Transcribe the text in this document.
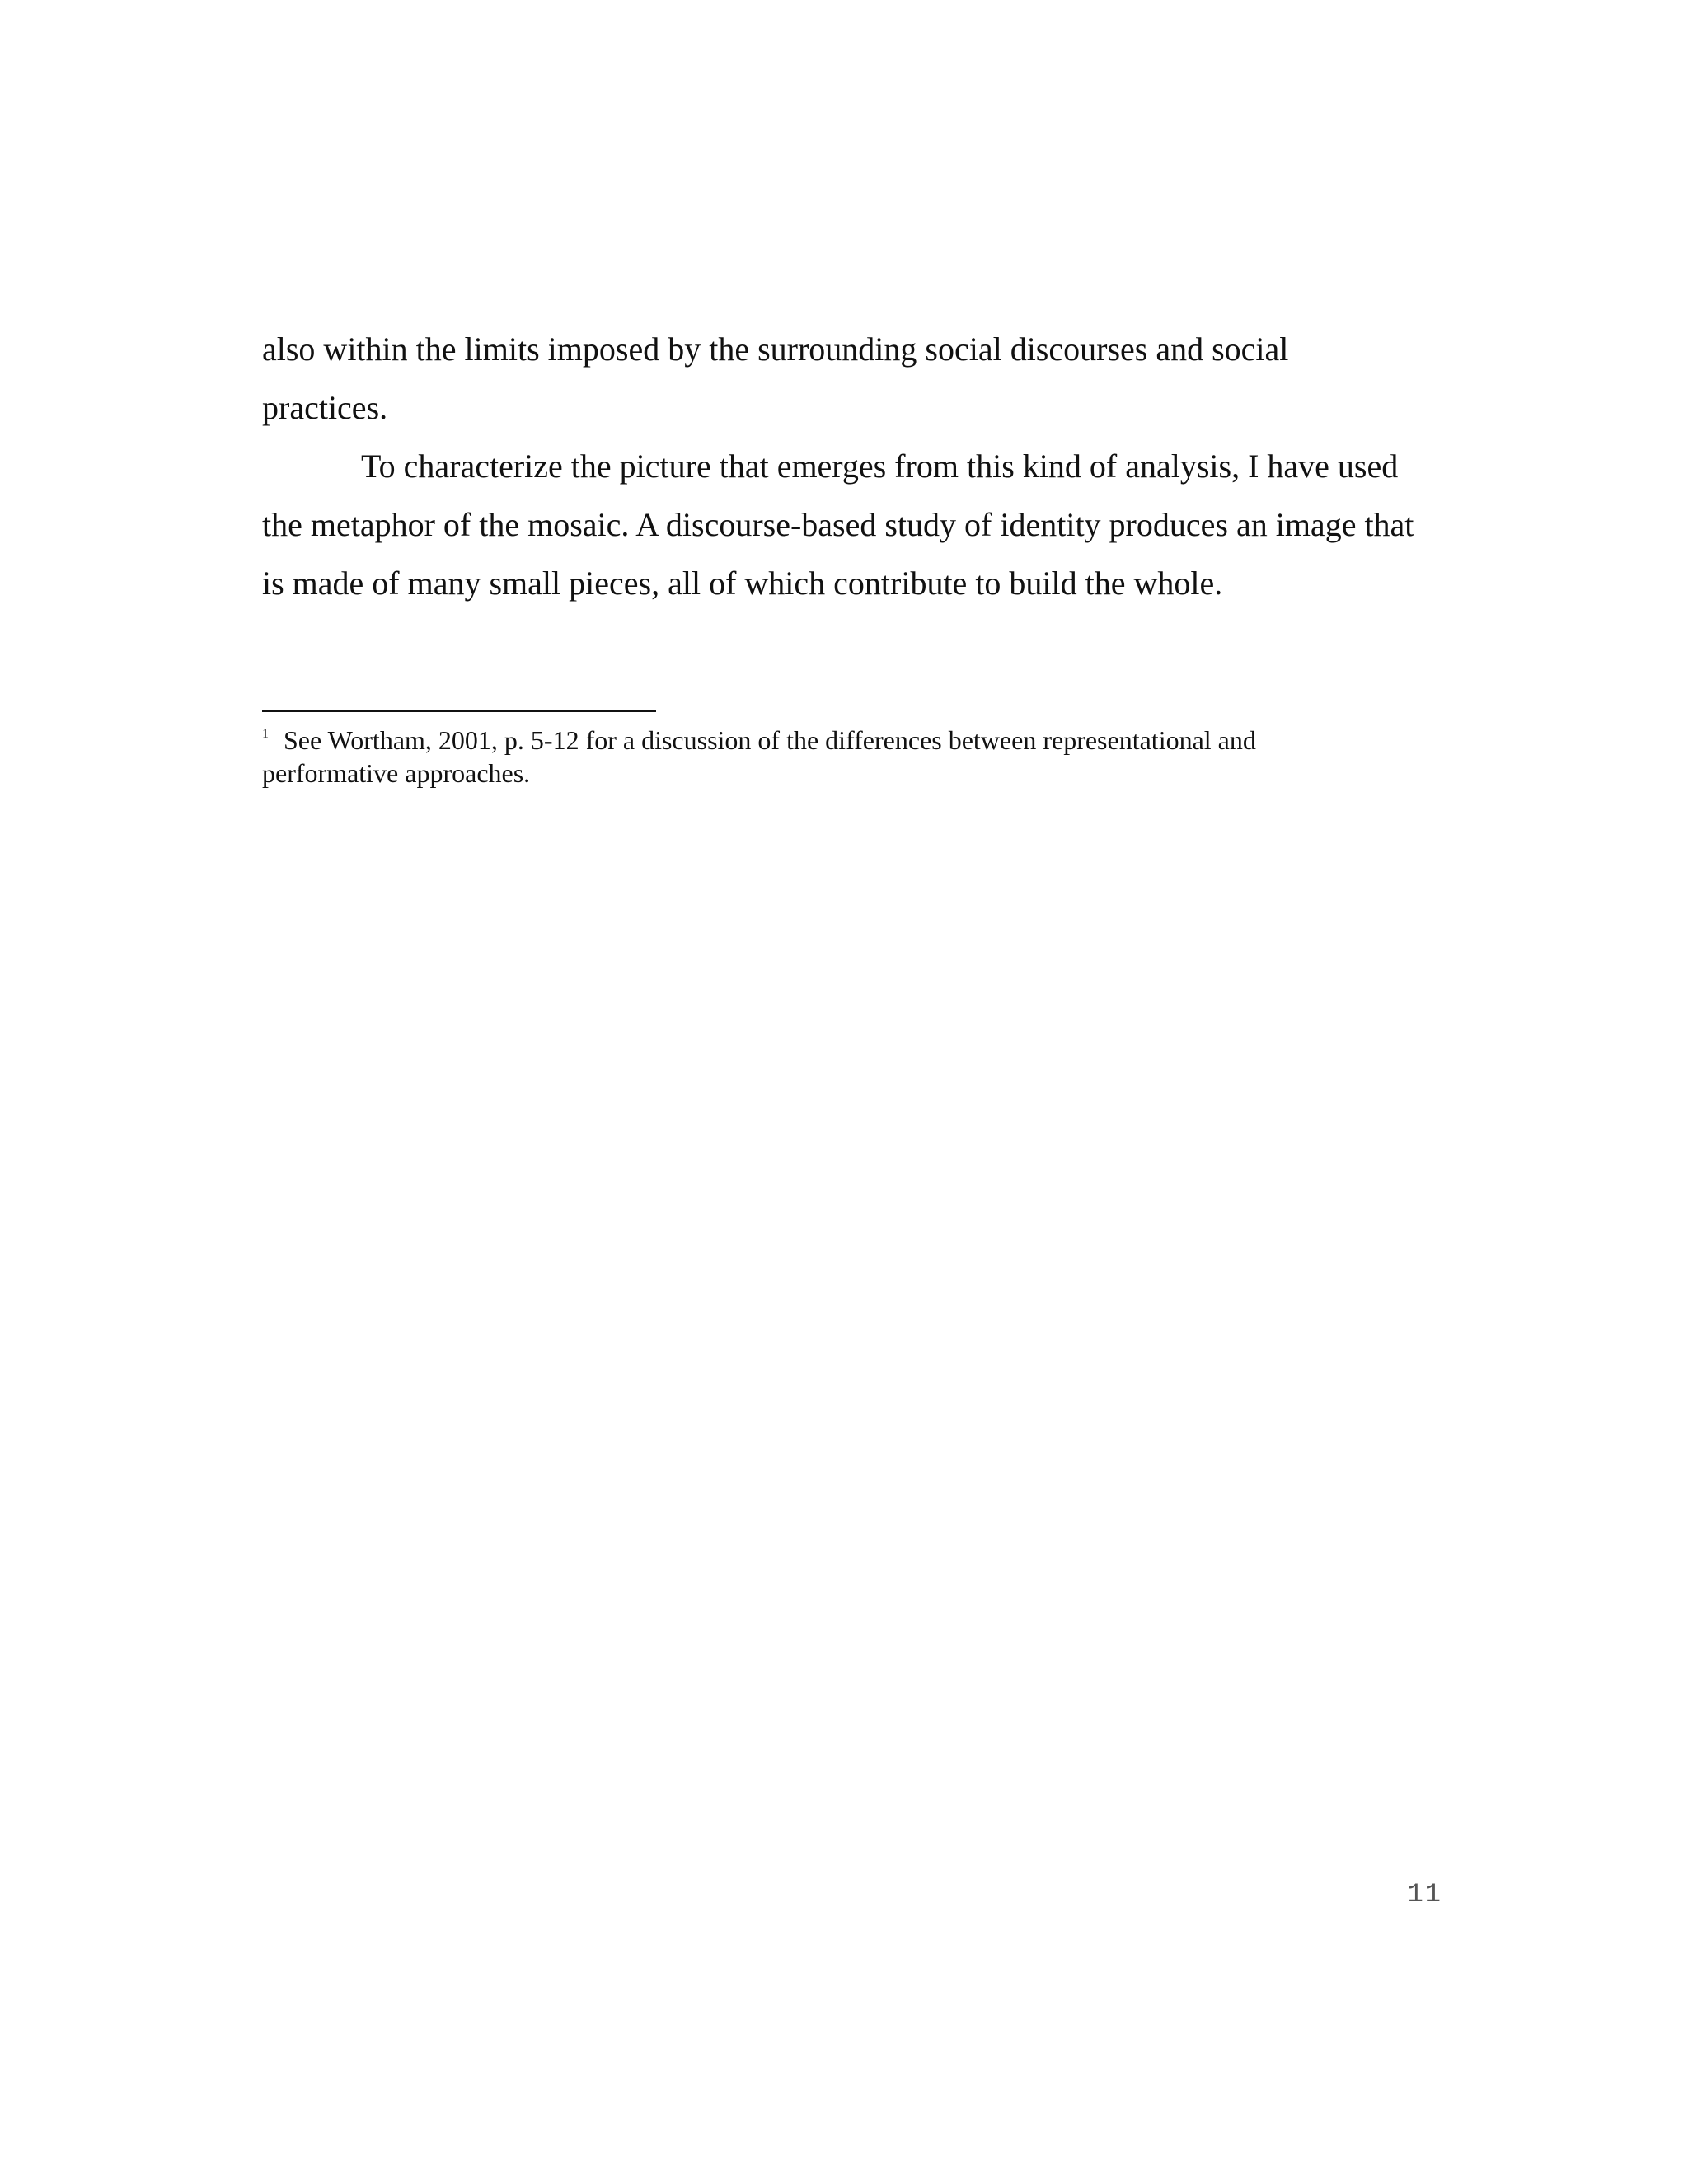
also within the limits imposed by the surrounding social discourses and social

practices.

To characterize the picture that emerges from this kind of analysis, I have used

the metaphor of the mosaic. A discourse-based study of identity produces an image that

is made of many small pieces, all of which contribute to build the whole.

$^1$ See Wortham, 2001, p. 5-12 for a discussion of the differences between representational and

performative approaches.

11
